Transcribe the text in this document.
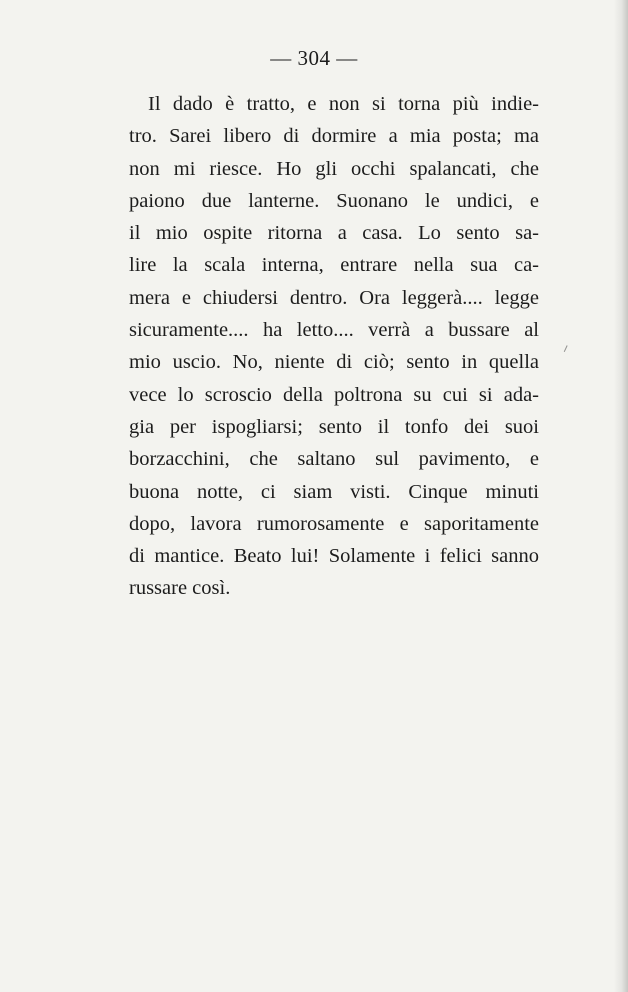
— 304 —
Il dado è tratto, e non si torna più indie-
tro. Sarei libero di dormire a mia posta; ma
non mi riesce. Ho gli occhi spalancati, che
paiono due lanterne. Suonano le undici, e
il mio ospite ritorna a casa. Lo sento sa-
lire la scala interna, entrare nella sua ca-
mera e chiudersi dentro. Ora leggerà.... legge
sicuramente.... ha letto.... verrà a bussare al
mio uscio. No, niente di ciò; sento in quella
vece lo scroscio della poltrona su cui si ada-
gia per ispogliarsi; sento il tonfo dei suoi
borzacchini, che saltano sul pavimento, e
buona notte, ci siam visti. Cinque minuti
dopo, lavora rumorosamente e saporitamente
di mantice. Beato lui! Solamente i felici sanno
russare così.
